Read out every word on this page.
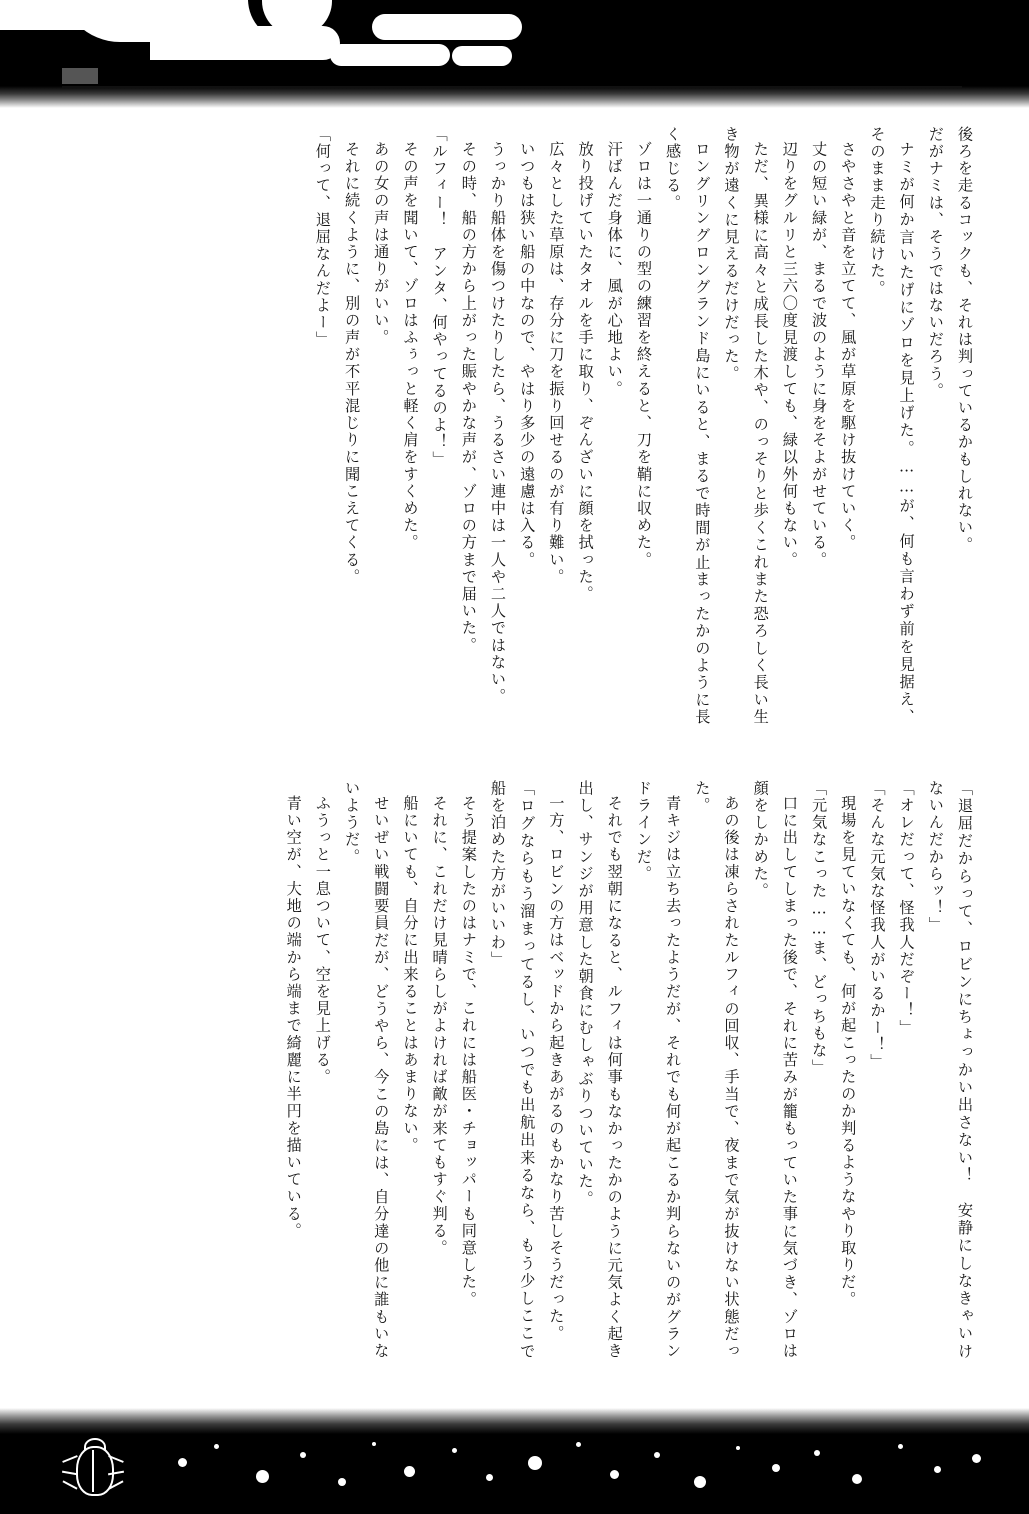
惑星会合 / roki

後ろを走るコックも、それは判っているかもしれない。

だがナミは、そうではないだろう。

ナミが何か言いたげにゾロを見上げた。……が、何も言わず前を見据え、そのまま走り続けた。

さやさやと音を立てて、風が草原を駆け抜けていく。

丈の短い緑が、まるで波のように身をそよがせている。

辺りをグルリと三六〇度見渡しても、緑以外何もない。

ただ、異様に高々と成長した木や、のっそりと歩くこれまた恐ろしく長い生き物が遠くに見えるだけだった。

ロングリングロングランド島にいると、まるで時間が止まったかのように長く感じる。

ゾロは一通りの型の練習を終えると、刀を鞘に収めた。

汗ばんだ身体に、風が心地よい。

放り投げていたタオルを手に取り、ぞんざいに顔を拭った。

広々とした草原は、存分に刀を振り回せるのが有り難い。

いつもは狭い船の中なので、やはり多少の遠慮は入る。

うっかり船体を傷つけたりしたら、うるさい連中は一人や二人ではない。

その時、船の方から上がった賑やかな声が、ゾロの方まで届いた。

「ルフィー！　アンタ、何やってるのよ！」

その声を聞いて、ゾロはふぅっと軽く肩をすくめた。

あの女の声は通りがいい。

それに続くように、別の声が不平混じりに聞こえてくる。

「何って、退屈なんだよー」

「退屈だからって、ロビンにちょっかい出さない！　安静にしなきゃいけないんだからッ！」

「オレだって、怪我人だぞー！」

「そんな元気な怪我人がいるかー！」

現場を見ていなくても、何が起こったのか判るようなやり取りだ。

「元気なこった……ま、どっちもな」

口に出してしまった後で、それに苦みが籠もっていた事に気づき、ゾロは顔をしかめた。

あの後は凍らされたルフィの回収、手当で、夜まで気が抜けない状態だった。

青キジは立ち去ったようだが、それでも何が起こるか判らないのがグランドラインだ。

それでも翌朝になると、ルフィは何事もなかったかのように元気よく起き出し、サンジが用意した朝食にむしゃぶりついていた。

一方、ロビンの方はベッドから起きあがるのもかなり苦しそうだった。

「ログならもう溜まってるし、いつでも出航出来るなら、もう少しここで船を泊めた方がいいわ」

そう提案したのはナミで、これには船医・チョッパーも同意した。

それに、これだけ見晴らしがよければ敵が来てもすぐ判る。

船にいても、自分に出来ることはあまりない。

せいぜい戦闘要員だが、どうやら、今この島には、自分達の他に誰もいないようだ。

ふうっと一息ついて、空を見上げる。

青い空が、大地の端から端まで綺麗に半円を描いている。
